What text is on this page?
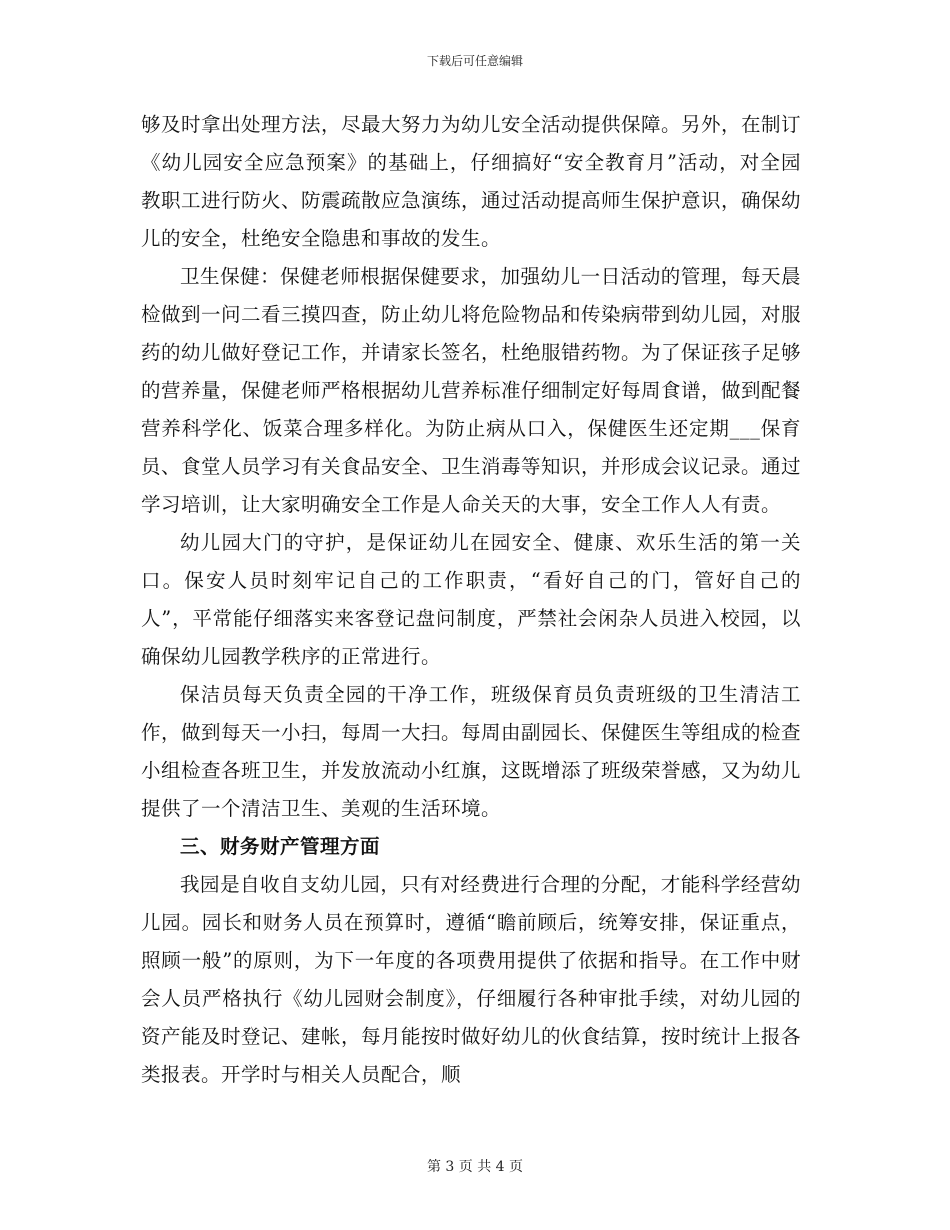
下载后可任意编辑

够及时拿出处理方法，尽最大努力为幼儿安全活动提供保障。另外，在制订《幼儿园安全应急预案》的基础上，仔细搞好“安全教育月”活动，对全园教职工进行防火、防震疏散应急演练，通过活动提高师生保护意识，确保幼儿的安全，杜绝安全隐患和事故的发生。

卫生保健：保健老师根据保健要求，加强幼儿一日活动的管理，每天晨检做到一问二看三摸四查，防止幼儿将危险物品和传染病带到幼儿园，对服药的幼儿做好登记工作，并请家长签名，杜绝服错药物。为了保证孩子足够的营养量，保健老师严格根据幼儿营养标准仔细制定好每周食谱，做到配餐营养科学化、饭菜合理多样化。为防止病从口入，保健医生还定期___保育员、食堂人员学习有关食品安全、卫生消毒等知识，并形成会议记录。通过学习培训，让大家明确安全工作是人命关天的大事，安全工作人人有责。

幼儿园大门的守护，是保证幼儿在园安全、健康、欢乐生活的第一关口。保安人员时刻牢记自己的工作职责，“看好自己的门，管好自己的人”，平常能仔细落实来客登记盘问制度，严禁社会闲杂人员进入校园，以确保幼儿园教学秩序的正常进行。

保洁员每天负责全园的干净工作，班级保育员负责班级的卫生清洁工作，做到每天一小扫，每周一大扫。每周由副园长、保健医生等组成的检查小组检查各班卫生，并发放流动小红旗，这既增添了班级荣誉感，又为幼儿提供了一个清洁卫生、美观的生活环境。

三、财务财产管理方面

我园是自收自支幼儿园，只有对经费进行合理的分配，才能科学经营幼儿园。园长和财务人员在预算时，遵循“瞻前顾后，统筹安排，保证重点，照顾一般”的原则，为下一年度的各项费用提供了依据和指导。在工作中财会人员严格执行《幼儿园财会制度》，仔细履行各种审批手续，对幼儿园的资产能及时登记、建帐，每月能按时做好幼儿的伙食结算，按时统计上报各类报表。开学时与相关人员配合，顺

第 3 页 共 4 页
